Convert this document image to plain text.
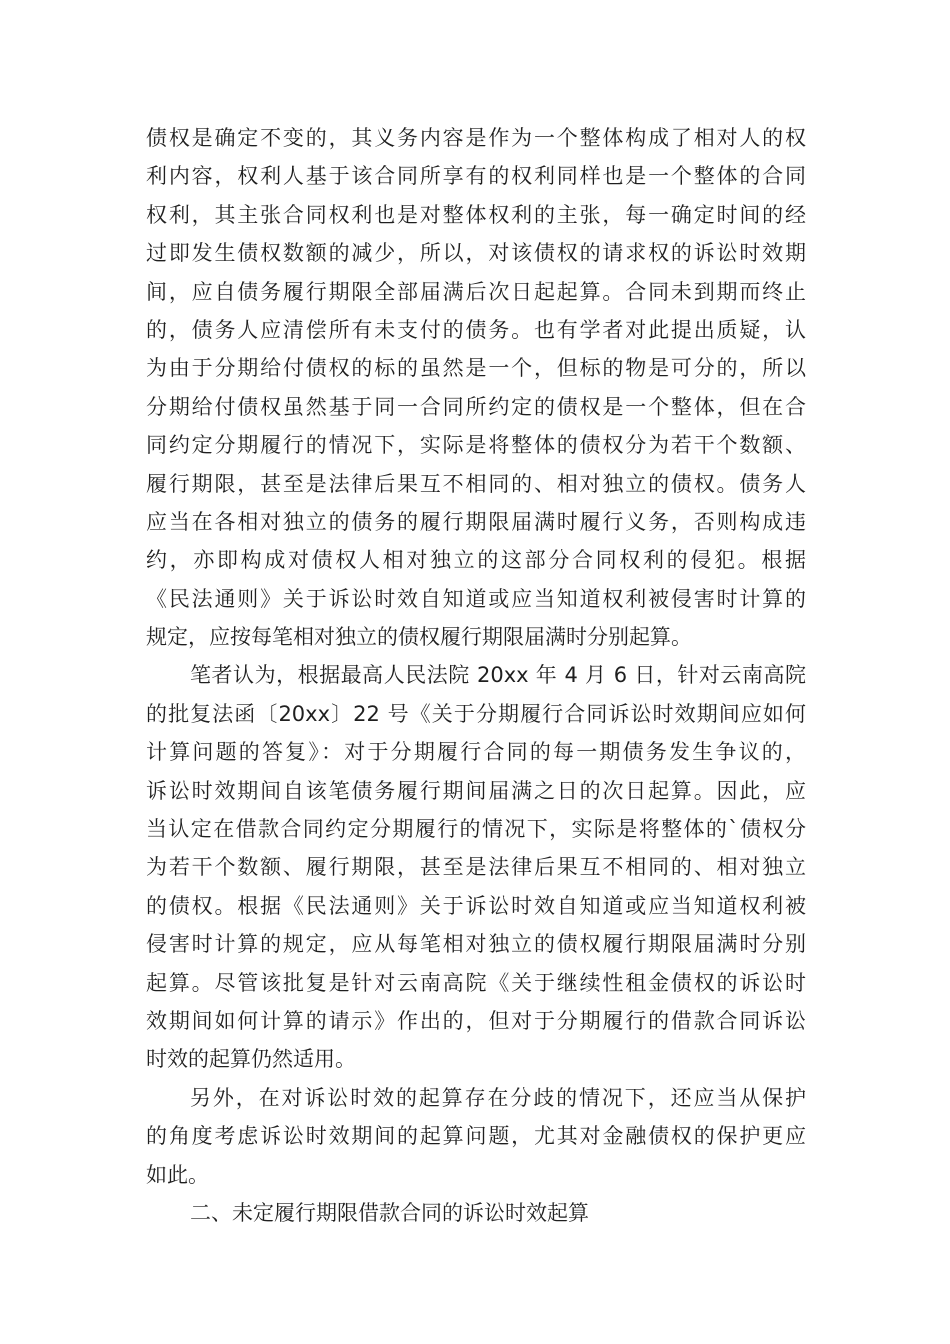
债权是确定不变的，其义务内容是作为一个整体构成了相对人的权
利内容，权利人基于该合同所享有的权利同样也是一个整体的合同
权利，其主张合同权利也是对整体权利的主张，每一确定时间的经
过即发生债权数额的减少，所以，对该债权的请求权的诉讼时效期
间，应自债务履行期限全部届满后次日起起算。合同未到期而终止
的，债务人应清偿所有未支付的债务。也有学者对此提出质疑，认
为由于分期给付债权的标的虽然是一个，但标的物是可分的，所以
分期给付债权虽然基于同一合同所约定的债权是一个整体，但在合
同约定分期履行的情况下，实际是将整体的债权分为若干个数额、
履行期限，甚至是法律后果互不相同的、相对独立的债权。债务人
应当在各相对独立的债务的履行期限届满时履行义务，否则构成违
约，亦即构成对债权人相对独立的这部分合同权利的侵犯。根据
《民法通则》关于诉讼时效自知道或应当知道权利被侵害时计算的
规定，应按每笔相对独立的债权履行期限届满时分别起算。
笔者认为，根据最高人民法院 20xx 年 4 月 6 日，针对云南高院
的批复法函〔20xx〕22 号《关于分期履行合同诉讼时效期间应如何
计算问题的答复》：对于分期履行合同的每一期债务发生争议的，
诉讼时效期间自该笔债务履行期间届满之日的次日起算。因此，应
当认定在借款合同约定分期履行的情况下，实际是将整体的`债权分
为若干个数额、履行期限，甚至是法律后果互不相同的、相对独立
的债权。根据《民法通则》关于诉讼时效自知道或应当知道权利被
侵害时计算的规定，应从每笔相对独立的债权履行期限届满时分别
起算。尽管该批复是针对云南高院《关于继续性租金债权的诉讼时
效期间如何计算的请示》作出的，但对于分期履行的借款合同诉讼
时效的起算仍然适用。
另外，在对诉讼时效的起算存在分歧的情况下，还应当从保护
的角度考虑诉讼时效期间的起算问题，尤其对金融债权的保护更应
如此。
二、未定履行期限借款合同的诉讼时效起算
